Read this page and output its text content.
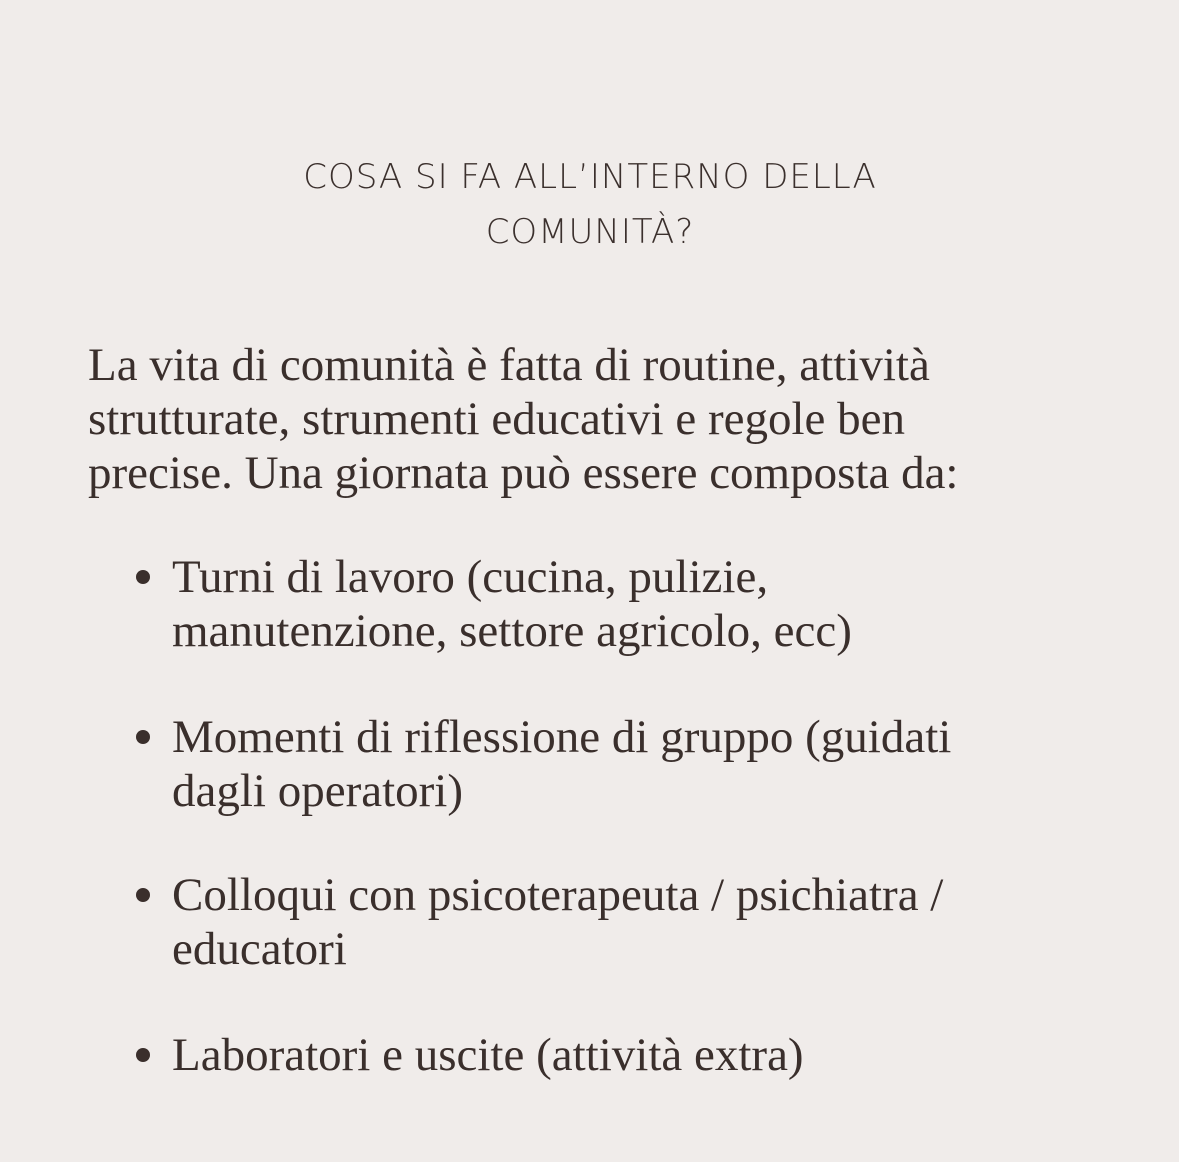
COSA SI FA ALL’INTERNO DELLA
COMUNITÀ?
La vita di comunità è fatta di routine, attività
strutturate, strumenti educativi e regole ben
precise. Una giornata può essere composta da:
Turni di lavoro (cucina, pulizie,
manutenzione, settore agricolo, ecc)
Momenti di riflessione di gruppo (guidati
dagli operatori)
Colloqui con psicoterapeuta / psichiatra /
educatori
Laboratori e uscite (attività extra)
